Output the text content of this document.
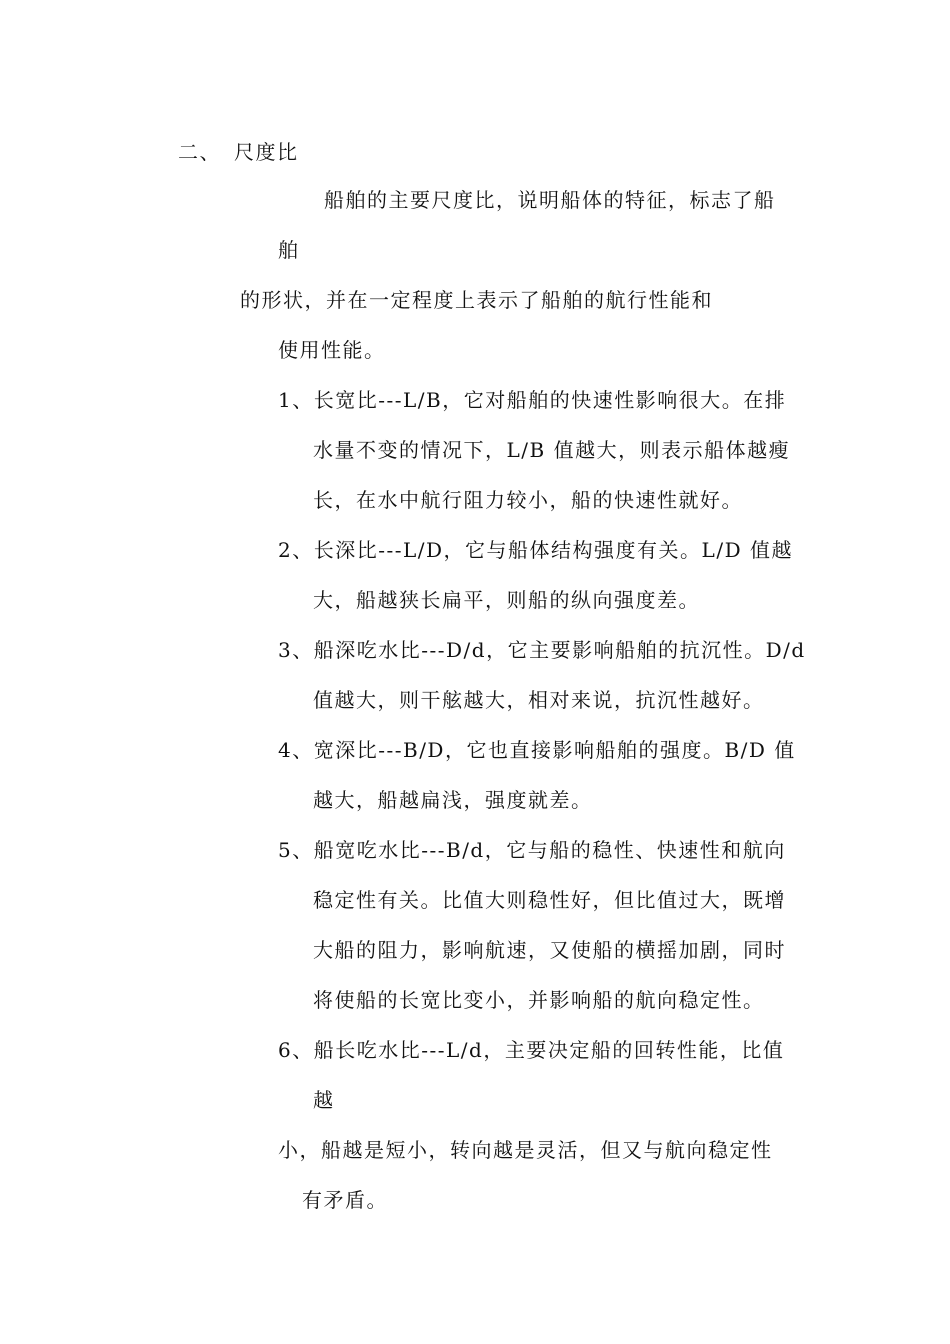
二、 尺度比

船舶的主要尺度比，说明船体的特征，标志了船

舶

的形状，并在一定程度上表示了船舶的航行性能和

使用性能。

1、长宽比---L/B，它对船舶的快速性影响很大。在排

水量不变的情况下，L/B 值越大，则表示船体越瘦

长，在水中航行阻力较小，船的快速性就好。

2、长深比---L/D，它与船体结构强度有关。L/D 值越

大，船越狭长扁平，则船的纵向强度差。

3、船深吃水比---D/d，它主要影响船舶的抗沉性。D/d

值越大，则干舷越大，相对来说，抗沉性越好。

4、宽深比---B/D，它也直接影响船舶的强度。B/D 值

越大，船越扁浅，强度就差。

5、船宽吃水比---B/d，它与船的稳性、快速性和航向

稳定性有关。比值大则稳性好，但比值过大，既增

大船的阻力，影响航速，又使船的横摇加剧，同时

将使船的长宽比变小，并影响船的航向稳定性。

6、船长吃水比---L/d，主要决定船的回转性能，比值

越

小，船越是短小，转向越是灵活，但又与航向稳定性

有矛盾。
